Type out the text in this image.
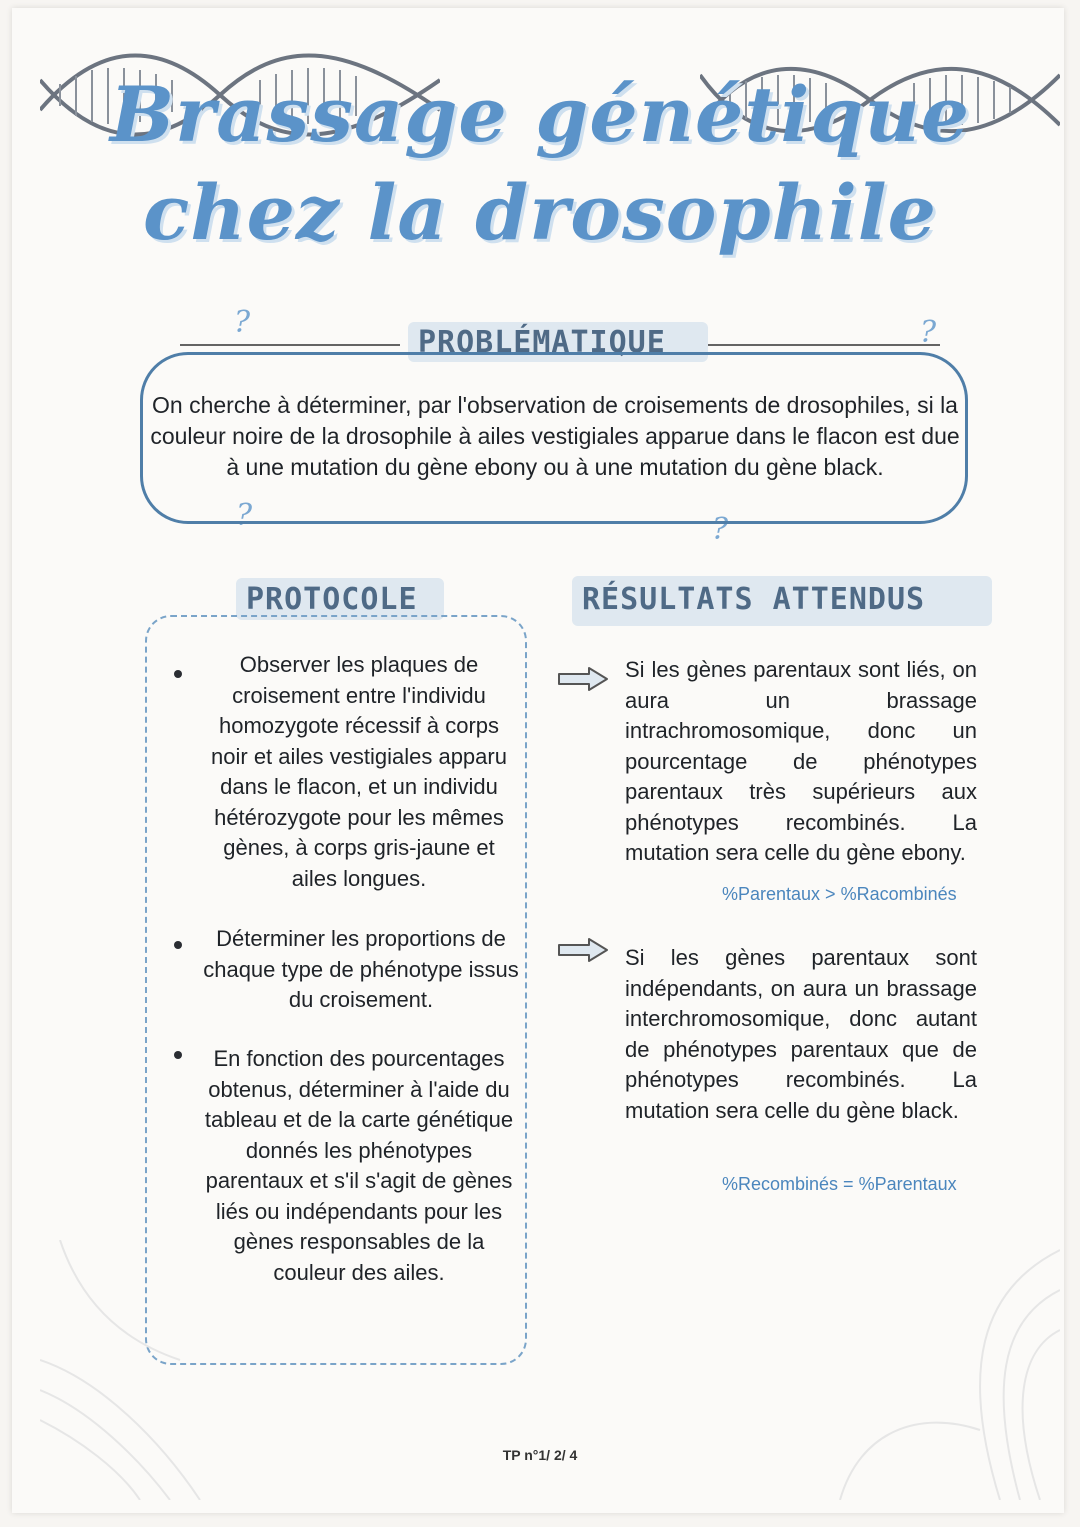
Brassage génétique
chez la drosophile
PROBLÉMATIQUE
?	?
?	?
On cherche à déterminer, par l'observation de croisements de drosophiles, si la couleur noire de la drosophile à ailes vestigiales apparue dans le flacon est due à une mutation du gène ebony ou à une mutation du gène black.
PROTOCOLE
Observer les plaques de croisement entre l'individu homozygote récessif à corps noir et ailes vestigiales apparu dans le flacon, et un individu hétérozygote pour les mêmes gènes, à corps gris-jaune et ailes longues.
Déterminer les proportions de chaque type de phénotype issus du croisement.
En fonction des pourcentages obtenus, déterminer à l'aide du tableau et de la carte génétique donnés les phénotypes parentaux et s'il s'agit de gènes liés ou indépendants pour les gènes responsables de la couleur des ailes.
RÉSULTATS ATTENDUS
Si les gènes parentaux sont liés, on aura un brassage intrachromosomique, donc un pourcentage de phénotypes parentaux très supérieurs aux phénotypes recombinés. La mutation sera celle du gène ebony.
%Parentaux > %Racombinés
Si les gènes parentaux sont indépendants, on aura un brassage interchromosomique, donc autant de phénotypes parentaux que de phénotypes recombinés. La mutation sera celle du gène black.
%Recombinés = %Parentaux
TP n°1/ 2/ 4
